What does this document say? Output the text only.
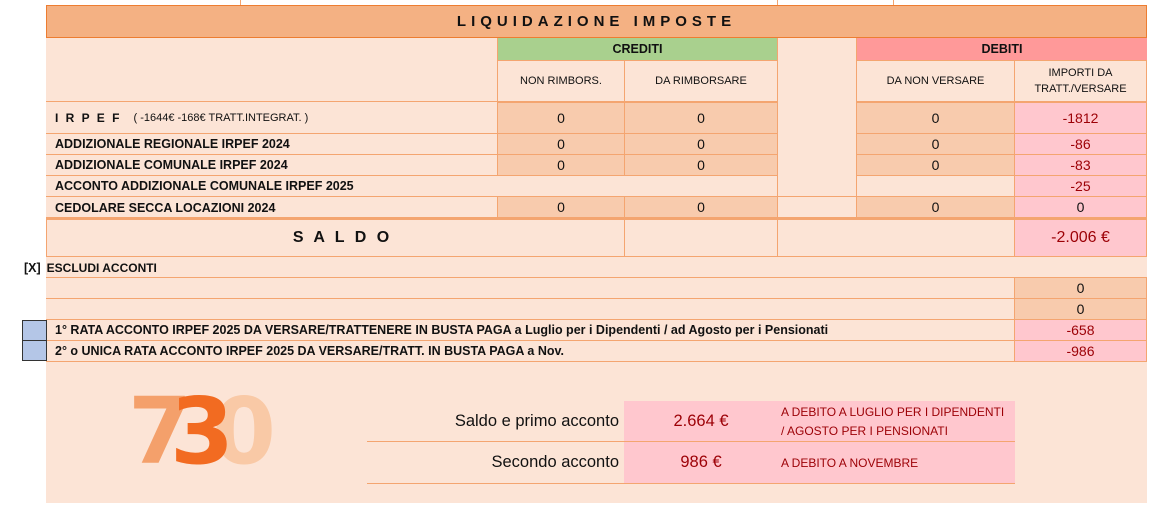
LIQUIDAZIONE IMPOSTE
CREDITI	DEBITI
NON RIMBORS.	DA RIMBORSARE	DA NON VERSARE
IMPORTI DA
TRATT./VERSARE
I R P E F ( -1644€ -168€ TRATT.INTEGRAT. )	0	0	0	-1812
ADDIZIONALE REGIONALE IRPEF 2024	0	0	0	-86
ADDIZIONALE COMUNALE IRPEF 2024	0	0	0	-83
ACCONTO ADDIZIONALE COMUNALE IRPEF 2025	-25
CEDOLARE SECCA LOCAZIONI 2024	0	0	0	0
S A L D O	-2.006 €
[X] ESCLUDI ACCONTI
0
0
1° RATA ACCONTO IRPEF 2025 DA VERSARE/TRATTENERE IN BUSTA PAGA a Luglio per i Dipendenti / ad Agosto per i Pensionati	-658
2° o UNICA RATA ACCONTO IRPEF 2025 DA VERSARE/TRATT. IN BUSTA PAGA a Nov.	-986
730	Saldo e primo acconto	2.664 €	A DEBITO A LUGLIO PER I DIPENDENTI
/ AGOSTO PER I PENSIONATI
Secondo acconto	986 €	A DEBITO A NOVEMBRE
